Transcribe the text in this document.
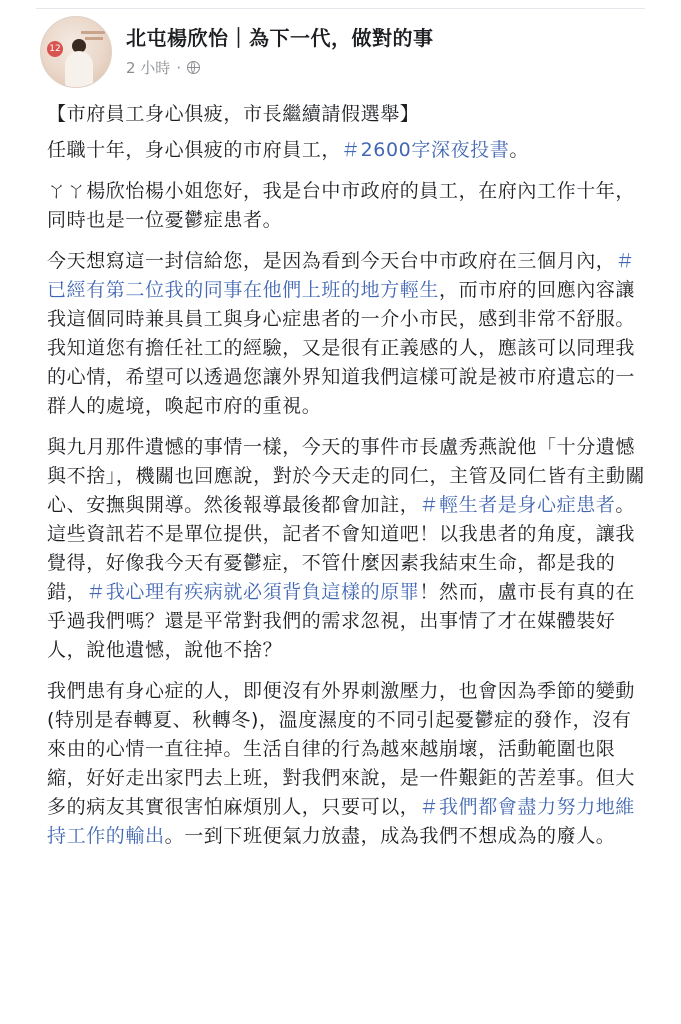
12	北屯楊欣怡｜為下一代，做對的事
2 小時 ·

【市府員工身心俱疲，市長繼續請假選舉】

任職十年，身心俱疲的市府員工，＃2600字深夜投書。

ㄚㄚ楊欣怡楊小姐您好，我是台中市政府的員工，在府內工作十年，同時也是一位憂鬱症患者。

今天想寫這一封信給您，是因為看到今天台中市政府在三個月內，＃已經有第二位我的同事在他們上班的地方輕生，而市府的回應內容讓我這個同時兼具員工與身心症患者的一介小市民，感到非常不舒服。我知道您有擔任社工的經驗，又是很有正義感的人，應該可以同理我的心情，希望可以透過您讓外界知道我們這樣可說是被市府遺忘的一群人的處境，喚起市府的重視。

與九月那件遺憾的事情一樣，今天的事件市長盧秀燕說他「十分遺憾與不捨」，機關也回應說，對於今天走的同仁，主管及同仁皆有主動關心、安撫與開導。然後報導最後都會加註，＃輕生者是身心症患者。這些資訊若不是單位提供，記者不會知道吧！以我患者的角度，讓我覺得，好像我今天有憂鬱症，不管什麼因素我結束生命，都是我的錯，＃我心理有疾病就必須背負這樣的原罪！然而，盧市長有真的在乎過我們嗎？還是平常對我們的需求忽視，出事情了才在媒體裝好人，說他遺憾，說他不捨？

我們患有身心症的人，即便沒有外界刺激壓力，也會因為季節的變動(特別是春轉夏、秋轉冬)，溫度濕度的不同引起憂鬱症的發作，沒有來由的心情一直往掉。生活自律的行為越來越崩壞，活動範圍也限縮，好好走出家門去上班，對我們來說，是一件艱鉅的苦差事。但大多的病友其實很害怕麻煩別人，只要可以，＃我們都會盡力努力地維持工作的輸出。一到下班便氣力放盡，成為我們不想成為的廢人。
